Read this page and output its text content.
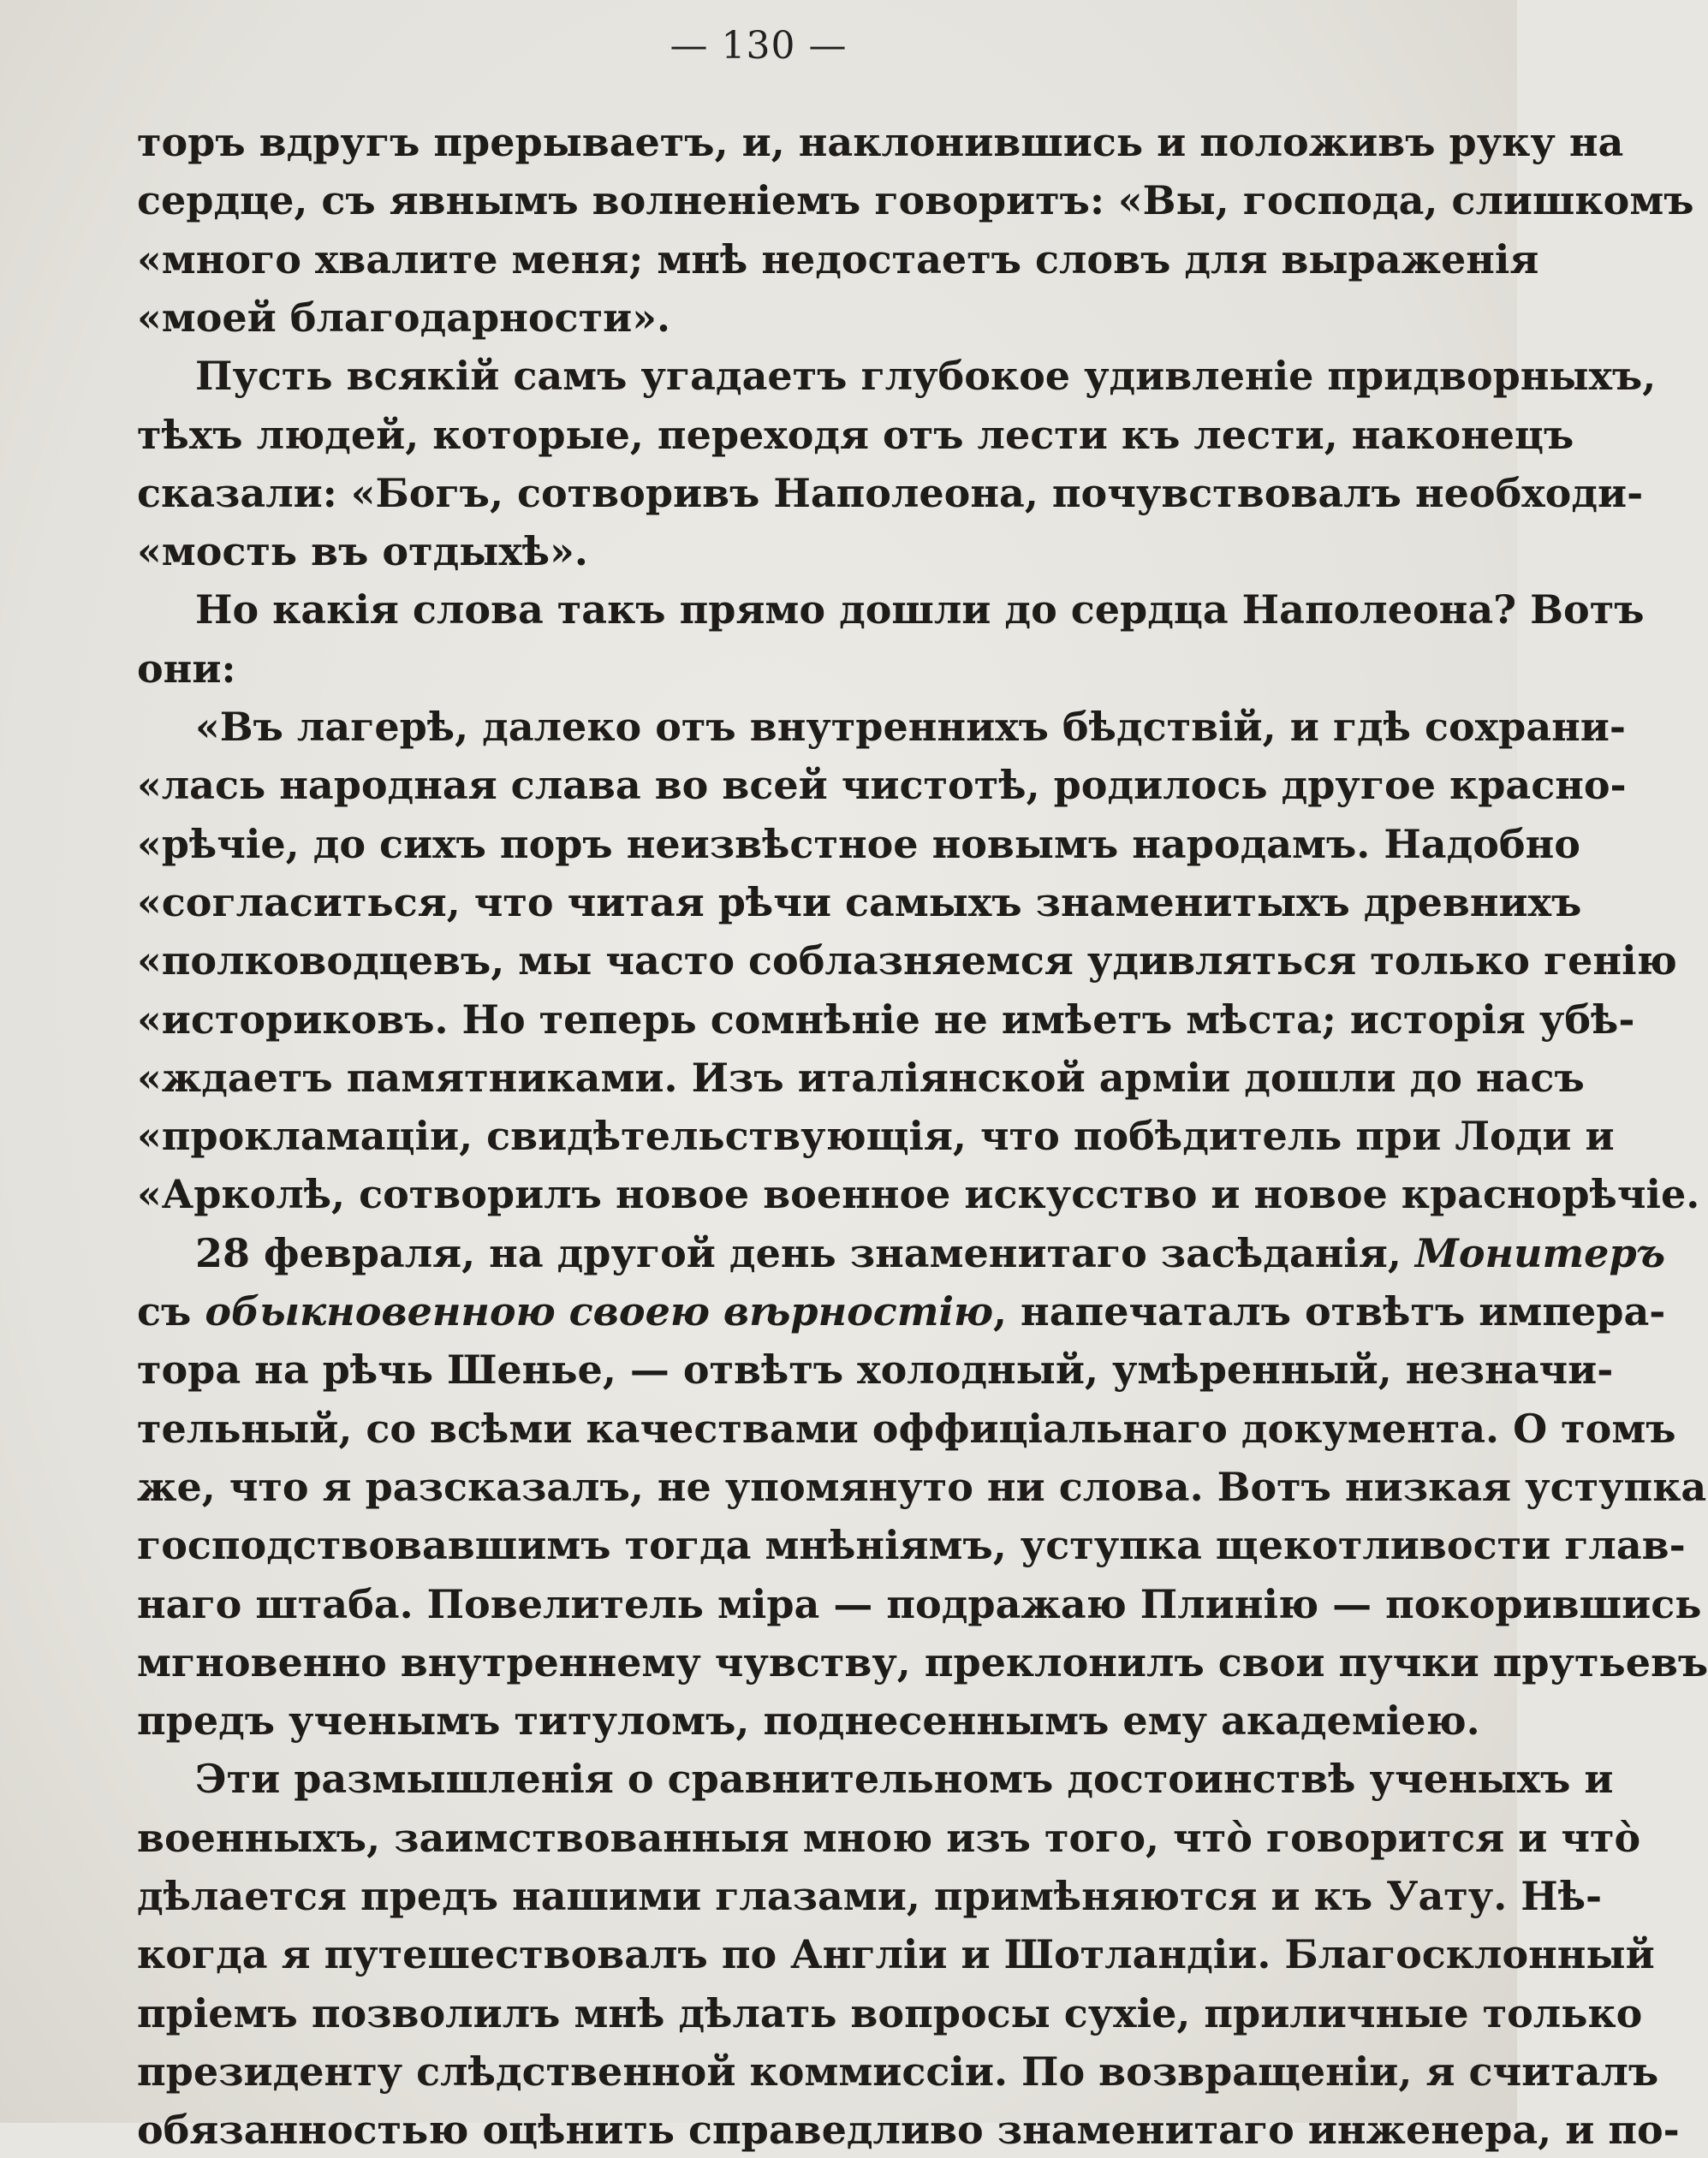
— 130 —
торъ вдругъ прерываетъ, и, наклонившись и положивъ руку на
сердце, съ явнымъ волненіемъ говоритъ: «Вы, господа, слишкомъ
«много хвалите меня; мнѣ недостаетъ словъ для выраженія
«моей благодарности».
Пусть всякій самъ угадаетъ глубокое удивленіе придворныхъ,
тѣхъ людей, которые, переходя отъ лести къ лести, наконецъ
сказали: «Богъ, сотворивъ Наполеона, почувствовалъ необходи-
«мость въ отдыхѣ».
Но какія слова такъ прямо дошли до сердца Наполеона? Вотъ
они:
«Въ лагерѣ, далеко отъ внутреннихъ бѣдствій, и гдѣ сохрани-
«лась народная слава во всей чистотѣ, родилось другое красно-
«рѣчіе, до сихъ поръ неизвѣстное новымъ народамъ. Надобно
«согласиться, что читая рѣчи самыхъ знаменитыхъ древнихъ
«полководцевъ, мы часто соблазняемся удивляться только генію
«историковъ. Но теперь сомнѣніе не имѣетъ мѣста; исторія убѣ-
«ждаетъ памятниками. Изъ италіянской арміи дошли до насъ
«прокламаціи, свидѣтельствующія, что побѣдитель при Лоди и
«Арколѣ, сотворилъ новое военное искусство и новое краснорѣчіе.
28 февраля, на другой день знаменитаго засѣданія, Монитеръ
съ обыкновенною своею вѣрностію, напечаталъ отвѣтъ импера-
тора на рѣчь Шенье, — отвѣтъ холодный, умѣренный, незначи-
тельный, со всѣми качествами оффиціальнаго документа. О томъ
же, что я разсказалъ, не упомянуто ни слова. Вотъ низкая уступка
господствовавшимъ тогда мнѣніямъ, уступка щекотливости глав-
наго штаба. Повелитель міра — подражаю Плинію — покорившись
мгновенно внутреннему чувству, преклонилъ свои пучки прутьевъ
предъ ученымъ титуломъ, поднесеннымъ ему академіею.
Эти размышленія о сравнительномъ достоинствѣ ученыхъ и
военныхъ, заимствованныя мною изъ того, что̀ говорится и что̀
дѣлается предъ нашими глазами, примѣняются и къ Уату. Нѣ-
когда я путешествовалъ по Англіи и Шотландіи. Благосклонный
пріемъ позволилъ мнѣ дѣлать вопросы сухіе, приличные только
президенту слѣдственной коммиссіи. По возвращеніи, я считалъ
обязанностью оцѣнить справедливо знаменитаго инженера, и по-
